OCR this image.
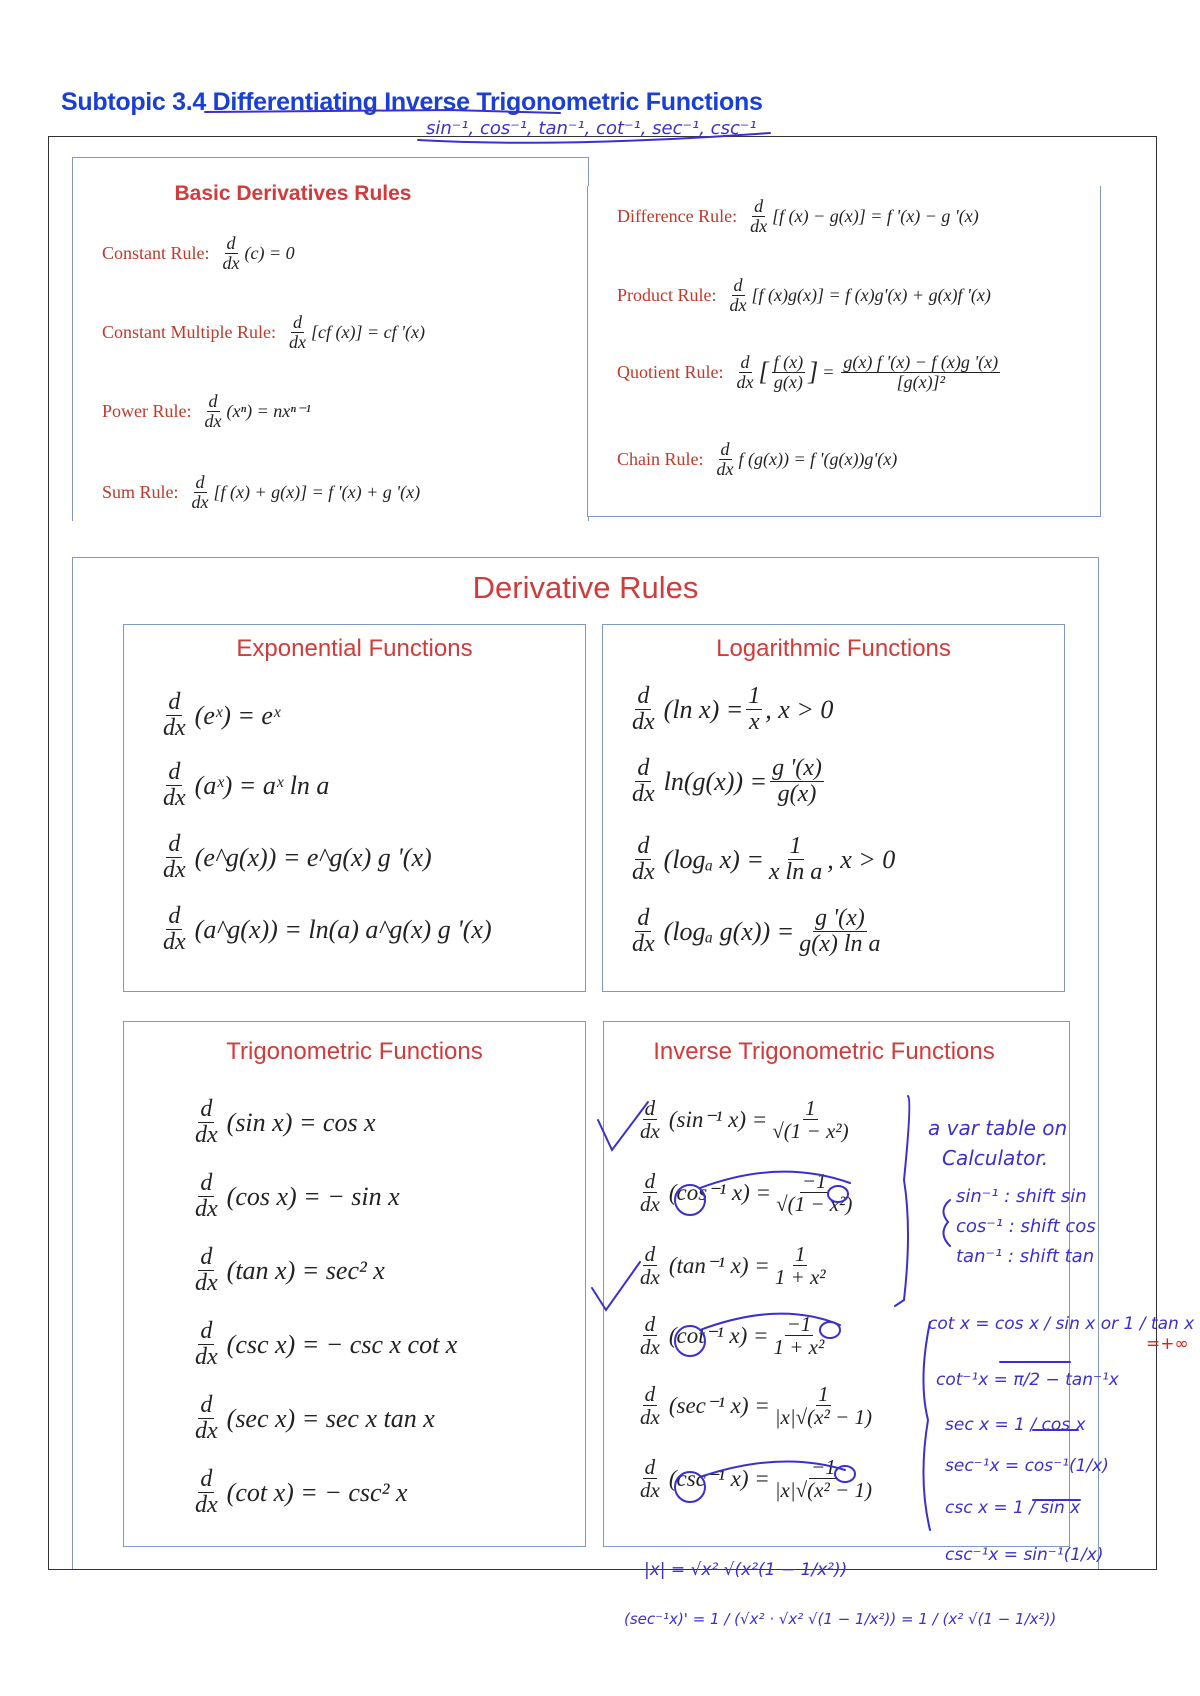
Subtopic 3.4 Differentiating Inverse Trigonometric Functions
Basic Derivatives Rules
Constant Rule: $\frac{d}{dx} (c) = 0$
Constant Multiple Rule: $\frac{d}{dx} [cf$ (x)] = cf '(x)
Power Rule: $\frac{d}{dx} (x^n) = nx^{n-1}$
Sum Rule: $\frac{d}{dx} [f$ (x) + g(x)] = f '(x) + g '(x)
Difference Rule: $\frac{d}{dx} [f$ (x) − g(x)] = f '(x) − g '(x)
Product Rule: $\frac{d}{dx} [f$ (x)g(x)] = f (x)g'(x) + g(x)f '(x)
Quotient Rule: $\frac{d}{dx}$ [ $\frac{f (x)}{g(x)}$ ] = $\frac{g(x) f '(x) - f (x)g '(x)}{\text{[g(x)]²}}$
Chain Rule: $\frac{d}{dx}$ f (g(x)) = f '(g(x))g'(x)
Derivative Rules
Exponential Functions
$\frac{d}{dx}$ (eˣ) = eˣ
$\frac{d}{dx}$ (aˣ) = aˣ ln a
$\frac{d}{dx}$ (e^g(x)) = e^g(x) g '(x)
$\frac{d}{dx}$ (a^g(x)) = ln(a) a^g(x) g '(x)
Logarithmic Functions
$\frac{d}{dx} (\ln$ $x) = \frac{1}{x}$ , x > 0
$\frac{d}{dx} \ln(g(x)) = \frac{g '(x)}{g(x)}$
$\frac{d}{dx} (\log_a$ $x) = \frac{1}{\text{x ln a}}$ , x > 0
$\frac{d}{dx} (\log_a$ $g(x)) = \frac{g '(x)}{\text{g(x) ln a}}$
Trigonometric Functions
$\frac{d}{dx} (\sin$ x) = cos x
$\frac{d}{dx} (\cos$ x) = − sin x
$\frac{d}{dx} (\tan$ x) = sec² x
$\frac{d}{dx} (\csc$ x) = − csc x cot x
$\frac{d}{dx} (\sec$ x) = sec x tan x
$\frac{d}{dx} (\cot$ x) = − csc² x
Inverse Trigonometric Functions
$\frac{d}{dx} (\sin^{-1}$ $x) = \frac{1}{\text{√(1 − x²)}}$
$\frac{d}{dx} (\cos^{-1}$ $x) = \frac{-1}{\text{√(1 − x²)}}$
$\frac{d}{dx} (\tan^{-1}$ $x) = \frac{1}{\text{1 + x²}}$
$\frac{d}{dx} (\cot^{-1}$ $x) = \frac{-1}{\text{1 + x²}}$
$\frac{d}{dx} (\sec^{-1}$ $x) = \frac{1}{\text{|x|√(x² − 1)}}$
$\frac{d}{dx} (\csc^{-1}$ $x) = \frac{-1}{\text{|x|√(x² − 1)}}$
sin⁻¹, cos⁻¹, tan⁻¹, cot⁻¹, sec⁻¹, csc⁻¹
a var table on
Calculator.
sin⁻¹ : shift sin
cos⁻¹ : shift cos
tan⁻¹ : shift tan
cot x = cos x / sin x or 1 / tan x
=+∞
cot⁻¹x = π/2 − tan⁻¹x
sec x = 1 / cos x
sec⁻¹x = cos⁻¹(1/x)
csc x = 1 / sin x
csc⁻¹x = sin⁻¹(1/x)
|x| = √x² √(x²(1 − 1/x²))
(sec⁻¹x)' = 1 / (√x² · √x² √(1 − 1/x²)) = 1 / (x² √(1 − 1/x²))
